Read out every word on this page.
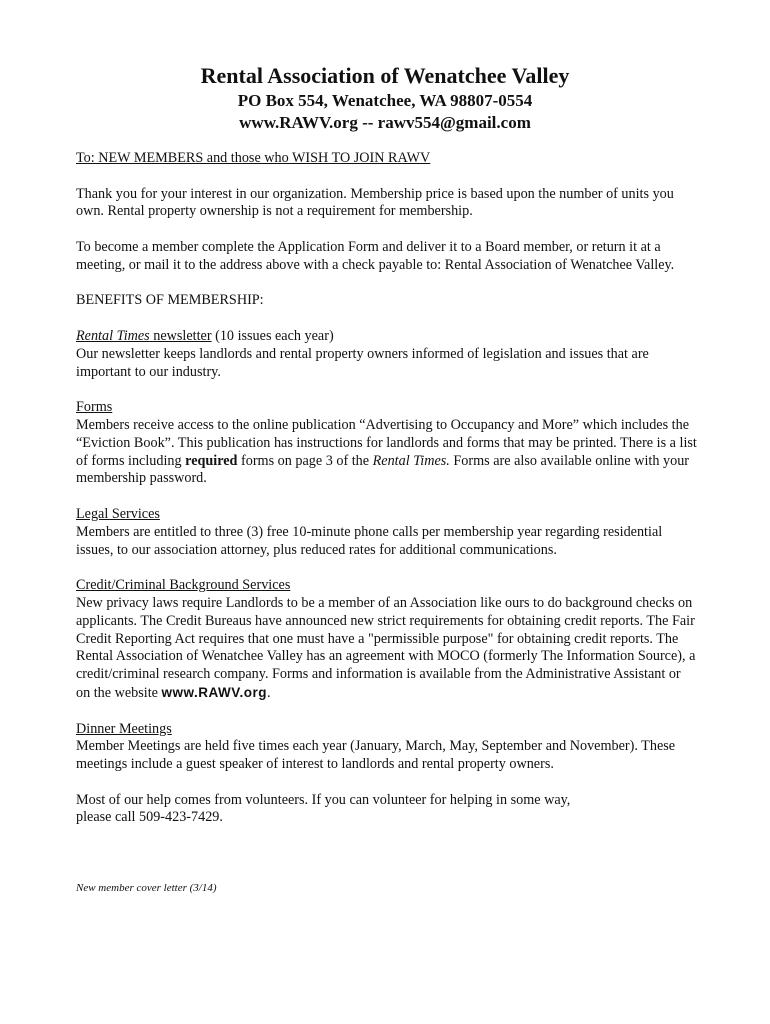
Rental Association of Wenatchee Valley
PO Box 554, Wenatchee, WA 98807-0554
www.RAWV.org -- rawv554@gmail.com

To: NEW MEMBERS and those who WISH TO JOIN RAWV

Thank you for your interest in our organization. Membership price is based upon the number of units you own. Rental property ownership is not a requirement for membership.

To become a member complete the Application Form and deliver it to a Board member, or return it at a meeting, or mail it to the address above with a check payable to: Rental Association of Wenatchee Valley.

BENEFITS OF MEMBERSHIP:

Rental Times newsletter (10 issues each year)
Our newsletter keeps landlords and rental property owners informed of legislation and issues that are important to our industry.

Forms
Members receive access to the online publication “Advertising to Occupancy and More” which includes the “Eviction Book”. This publication has instructions for landlords and forms that may be printed. There is a list of forms including required forms on page 3 of the Rental Times. Forms are also available online with your membership password.

Legal Services
Members are entitled to three (3) free 10-minute phone calls per membership year regarding residential issues, to our association attorney, plus reduced rates for additional communications.

Credit/Criminal Background Services
New privacy laws require Landlords to be a member of an Association like ours to do background checks on applicants. The Credit Bureaus have announced new strict requirements for obtaining credit reports. The Fair Credit Reporting Act requires that one must have a "permissible purpose" for obtaining credit reports. The Rental Association of Wenatchee Valley has an agreement with MOCO (formerly The Information Source), a credit/criminal research company. Forms and information is available from the Administrative Assistant or on the website www.RAWV.org.

Dinner Meetings
Member Meetings are held five times each year (January, March, May, September and November). These meetings include a guest speaker of interest to landlords and rental property owners.

Most of our help comes from volunteers. If you can volunteer for helping in some way,
please call 509-423-7429.

New member cover letter (3/14)
